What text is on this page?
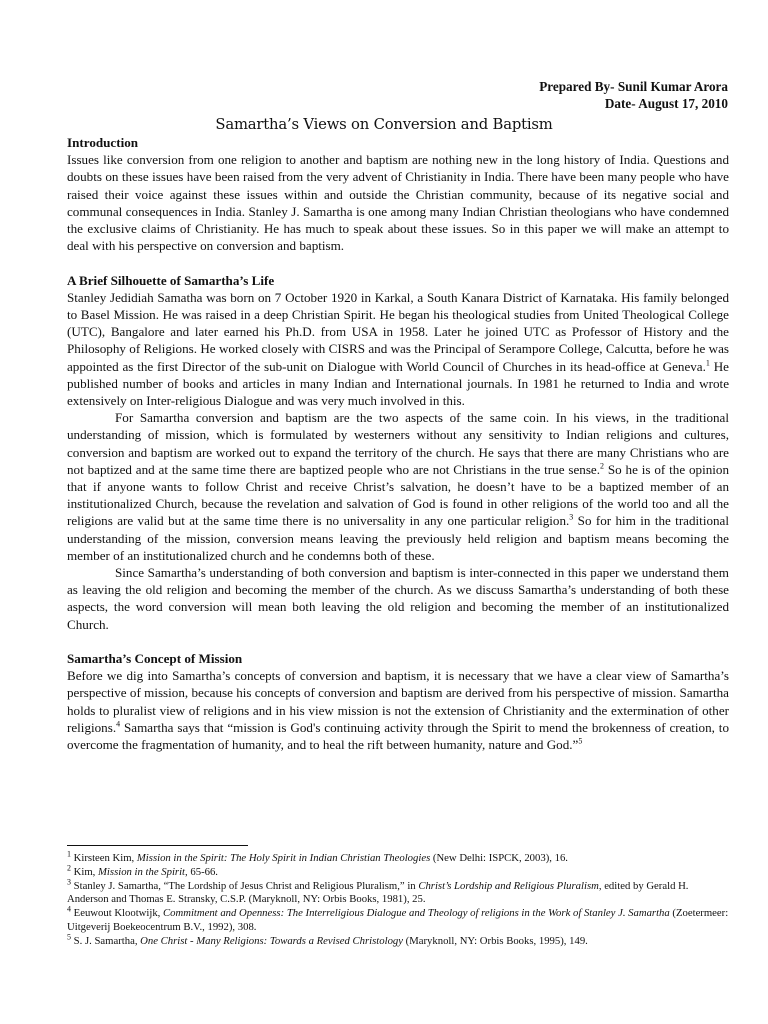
Prepared By- Sunil Kumar Arora
Date- August 17, 2010
Samartha’s Views on Conversion and Baptism

Introduction

Issues like conversion from one religion to another and baptism are nothing new in the long history of India. Questions and doubts on these issues have been raised from the very advent of Christianity in India. There have been many people who have raised their voice against these issues within and outside the Christian community, because of its negative social and communal consequences in India. Stanley J. Samartha is one among many Indian Christian theologians who have condemned the exclusive claims of Christianity. He has much to speak about these issues. So in this paper we will make an attempt to deal with his perspective on conversion and baptism.

A Brief Silhouette of Samartha’s Life

Stanley Jedidiah Samatha was born on 7 October 1920 in Karkal, a South Kanara District of Karnataka. His family belonged to Basel Mission. He was raised in a deep Christian Spirit. He began his theological studies from United Theological College (UTC), Bangalore and later earned his Ph.D. from USA in 1958. Later he joined UTC as Professor of History and the Philosophy of Religions. He worked closely with CISRS and was the Principal of Serampore College, Calcutta, before he was appointed as the first Director of the sub-unit on Dialogue with World Council of Churches in its head-office at Geneva.$^1$ He published number of books and articles in many Indian and International journals. In 1981 he returned to India and wrote extensively on Inter-religious Dialogue and was very much involved in this.

For Samartha conversion and baptism are the two aspects of the same coin. In his views, in the traditional understanding of mission, which is formulated by westerners without any sensitivity to Indian religions and cultures, conversion and baptism are worked out to expand the territory of the church. He says that there are many Christians who are not baptized and at the same time there are baptized people who are not Christians in the true sense.$^2$ So he is of the opinion that if anyone wants to follow Christ and receive Christ’s salvation, he doesn’t have to be a baptized member of an institutionalized Church, because the revelation and salvation of God is found in other religions of the world too and all the religions are valid but at the same time there is no universality in any one particular religion.$^3$ So for him in the traditional understanding of the mission, conversion means leaving the previously held religion and baptism means becoming the member of an institutionalized church and he condemns both of these.

Since Samartha’s understanding of both conversion and baptism is inter-connected in this paper we understand them as leaving the old religion and becoming the member of the church. As we discuss Samartha’s understanding of both these aspects, the word conversion will mean both leaving the old religion and becoming the member of an institutionalized Church.

Samartha’s Concept of Mission

Before we dig into Samartha’s concepts of conversion and baptism, it is necessary that we have a clear view of Samartha’s perspective of mission, because his concepts of conversion and baptism are derived from his perspective of mission. Samartha holds to pluralist view of religions and in his view mission is not the extension of Christianity and the extermination of other religions.$^4$ Samartha says that “mission is God's continuing activity through the Spirit to mend the brokenness of creation, to overcome the fragmentation of humanity, and to heal the rift between humanity, nature and God.”$^5$

$^1$ Kirsteen Kim, Mission in the Spirit: The Holy Spirit in Indian Christian Theologies (New Delhi: ISPCK, 2003), 16.

$^2$ Kim, Mission in the Spirit, 65-66.

$^3$ Stanley J. Samartha, “The Lordship of Jesus Christ and Religious Pluralism,” in Christ’s Lordship and Religious Pluralism, edited by Gerald H. Anderson and Thomas E. Stransky, C.S.P. (Maryknoll, NY: Orbis Books, 1981), 25.

$^4$ Eeuwout Klootwijk, Commitment and Openness: The Interreligious Dialogue and Theology of religions in the Work of Stanley J. Samartha (Zoetermeer: Uitgeverij Boekeocentrum B.V., 1992), 308.

$^5$ S. J. Samartha, One Christ - Many Religions: Towards a Revised Christology (Maryknoll, NY: Orbis Books, 1995), 149.
